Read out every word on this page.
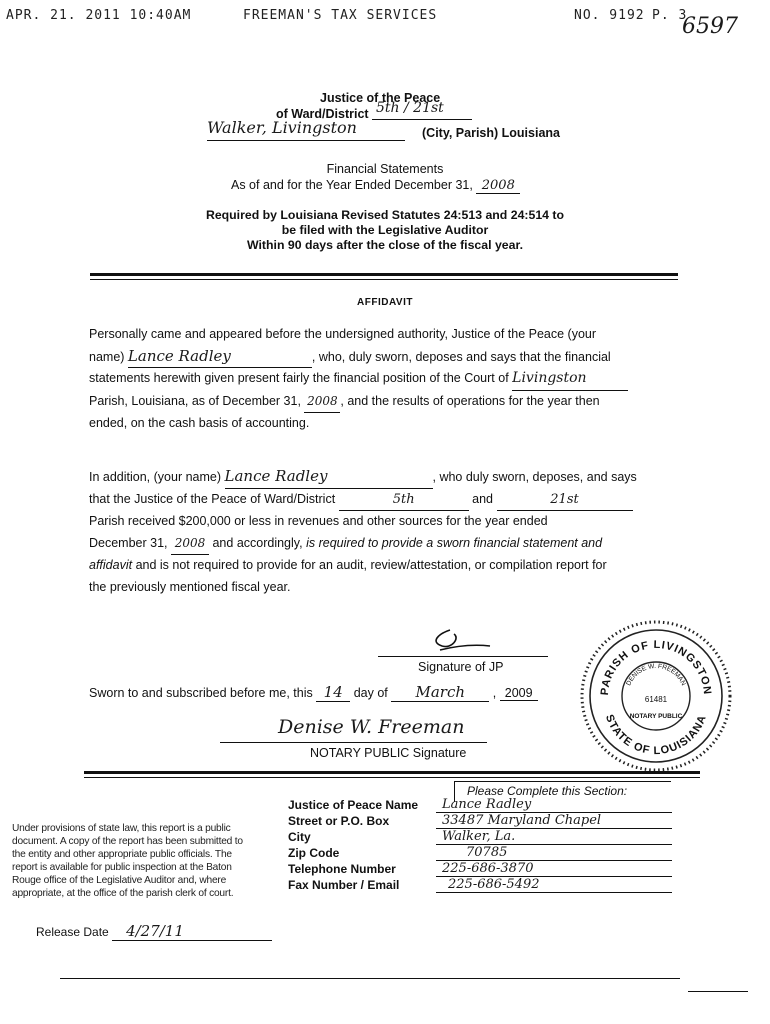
APR. 21. 2011 10:40AM	FREEMAN'S TAX SERVICES	NO. 9192 P. 3
6597
Justice of the Peace
of Ward/District 5th / 21st
Walker, Livingston	(City, Parish) Louisiana
Financial Statements
As of and for the Year Ended December 31, 2008
Required by Louisiana Revised Statutes 24:513 and 24:514 to
be filed with the Legislative Auditor
Within 90 days after the close of the fiscal year.
AFFIDAVIT
Personally came and appeared before the undersigned authority, Justice of the Peace (your
name) Lance Radley	, who, duly sworn, deposes and says that the financial
statements herewith given present fairly the financial position of the Court of Livingston
Parish, Louisiana, as of December 31, 2008 , and the results of operations for the year then
ended, on the cash basis of accounting.
In addition, (your name) Lance Radley	, who duly sworn, deposes, and says
that the Justice of the Peace of Ward/District	5th	and	21st
Parish received $200,000 or less in revenues and other sources for the year ended
December 31, 2008 and accordingly, is required to provide a sworn financial statement and
affidavit and is not required to provide for an audit, review/attestation, or compilation report for
the previously mentioned fiscal year.
Signature of JP
Sworn to and subscribed before me, this 14 day of March , 2009
Denise W. Freeman
NOTARY PUBLIC Signature
PARISH OF LIVINGSTON
STATE OF LOUISIANA
DENISE W. FREEMAN
61481
NOTARY PUBLIC
Please Complete this Section:
Justice of Peace Name	Lance Radley
Street or P.O. Box	33487 Maryland Chapel
City	Walker, La.
Zip Code	70785
Telephone Number	225-686-3870
Fax Number / Email	225-686-5492
Under provisions of state law, this report is a public
document. A copy of the report has been submitted to
the entity and other appropriate public officials. The
report is available for public inspection at the Baton
Rouge office of the Legislative Auditor and, where
appropriate, at the office of the parish clerk of court.
Release Date 4/27/11
